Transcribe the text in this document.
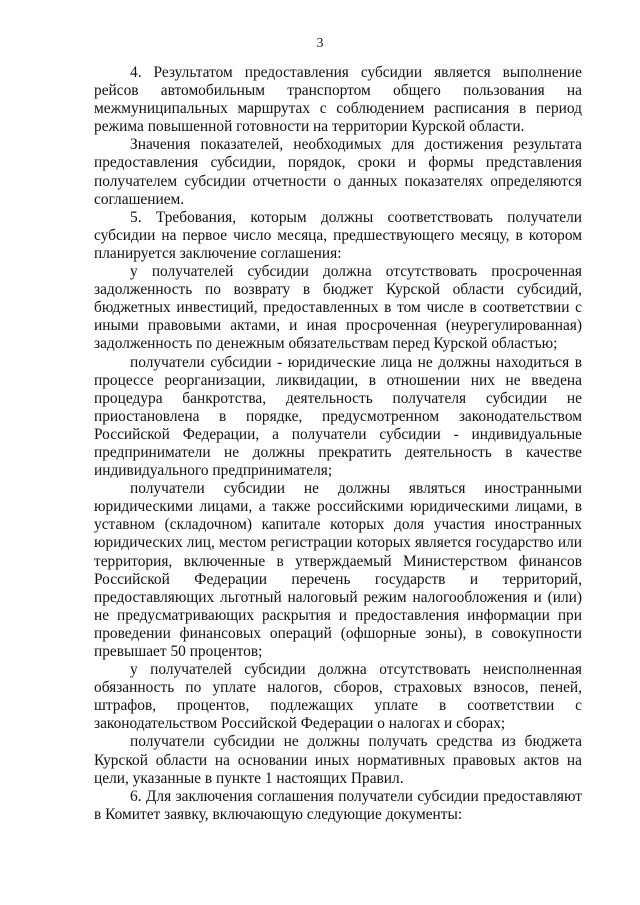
3

4. Результатом предоставления субсидии является выполнение рейсов автомобильным транспортом общего пользования на межмуниципальных маршрутах с соблюдением расписания в период режима повышенной готовности на территории Курской области.

Значения показателей, необходимых для достижения результата предоставления субсидии, порядок, сроки и формы представления получателем субсидии отчетности о данных показателях определяются соглашением.

5. Требования, которым должны соответствовать получатели субсидии на первое число месяца, предшествующего месяцу, в котором планируется заключение соглашения:

у получателей субсидии должна отсутствовать просроченная задолженность по возврату в бюджет Курской области субсидий, бюджетных инвестиций, предоставленных в том числе в соответствии с иными правовыми актами, и иная просроченная (неурегулированная) задолженность по денежным обязательствам перед Курской областью;

получатели субсидии - юридические лица не должны находиться в процессе реорганизации, ликвидации, в отношении них не введена процедура банкротства, деятельность получателя субсидии не приостановлена в порядке, предусмотренном законодательством Российской Федерации, а получатели субсидии - индивидуальные предприниматели не должны прекратить деятельность в качестве индивидуального предпринимателя;

получатели субсидии не должны являться иностранными юридическими лицами, а также российскими юридическими лицами, в уставном (складочном) капитале которых доля участия иностранных юридических лиц, местом регистрации которых является государство или территория, включенные в утверждаемый Министерством финансов Российской Федерации перечень государств и территорий, предоставляющих льготный налоговый режим налогообложения и (или) не предусматривающих раскрытия и предоставления информации при проведении финансовых операций (офшорные зоны), в совокупности превышает 50 процентов;

у получателей субсидии должна отсутствовать неисполненная обязанность по уплате налогов, сборов, страховых взносов, пеней, штрафов, процентов, подлежащих уплате в соответствии с законодательством Российской Федерации о налогах и сборах;

получатели субсидии не должны получать средства из бюджета Курской области на основании иных нормативных правовых актов на цели, указанные в пункте 1 настоящих Правил.

6. Для заключения соглашения получатели субсидии предоставляют в Комитет заявку, включающую следующие документы:
